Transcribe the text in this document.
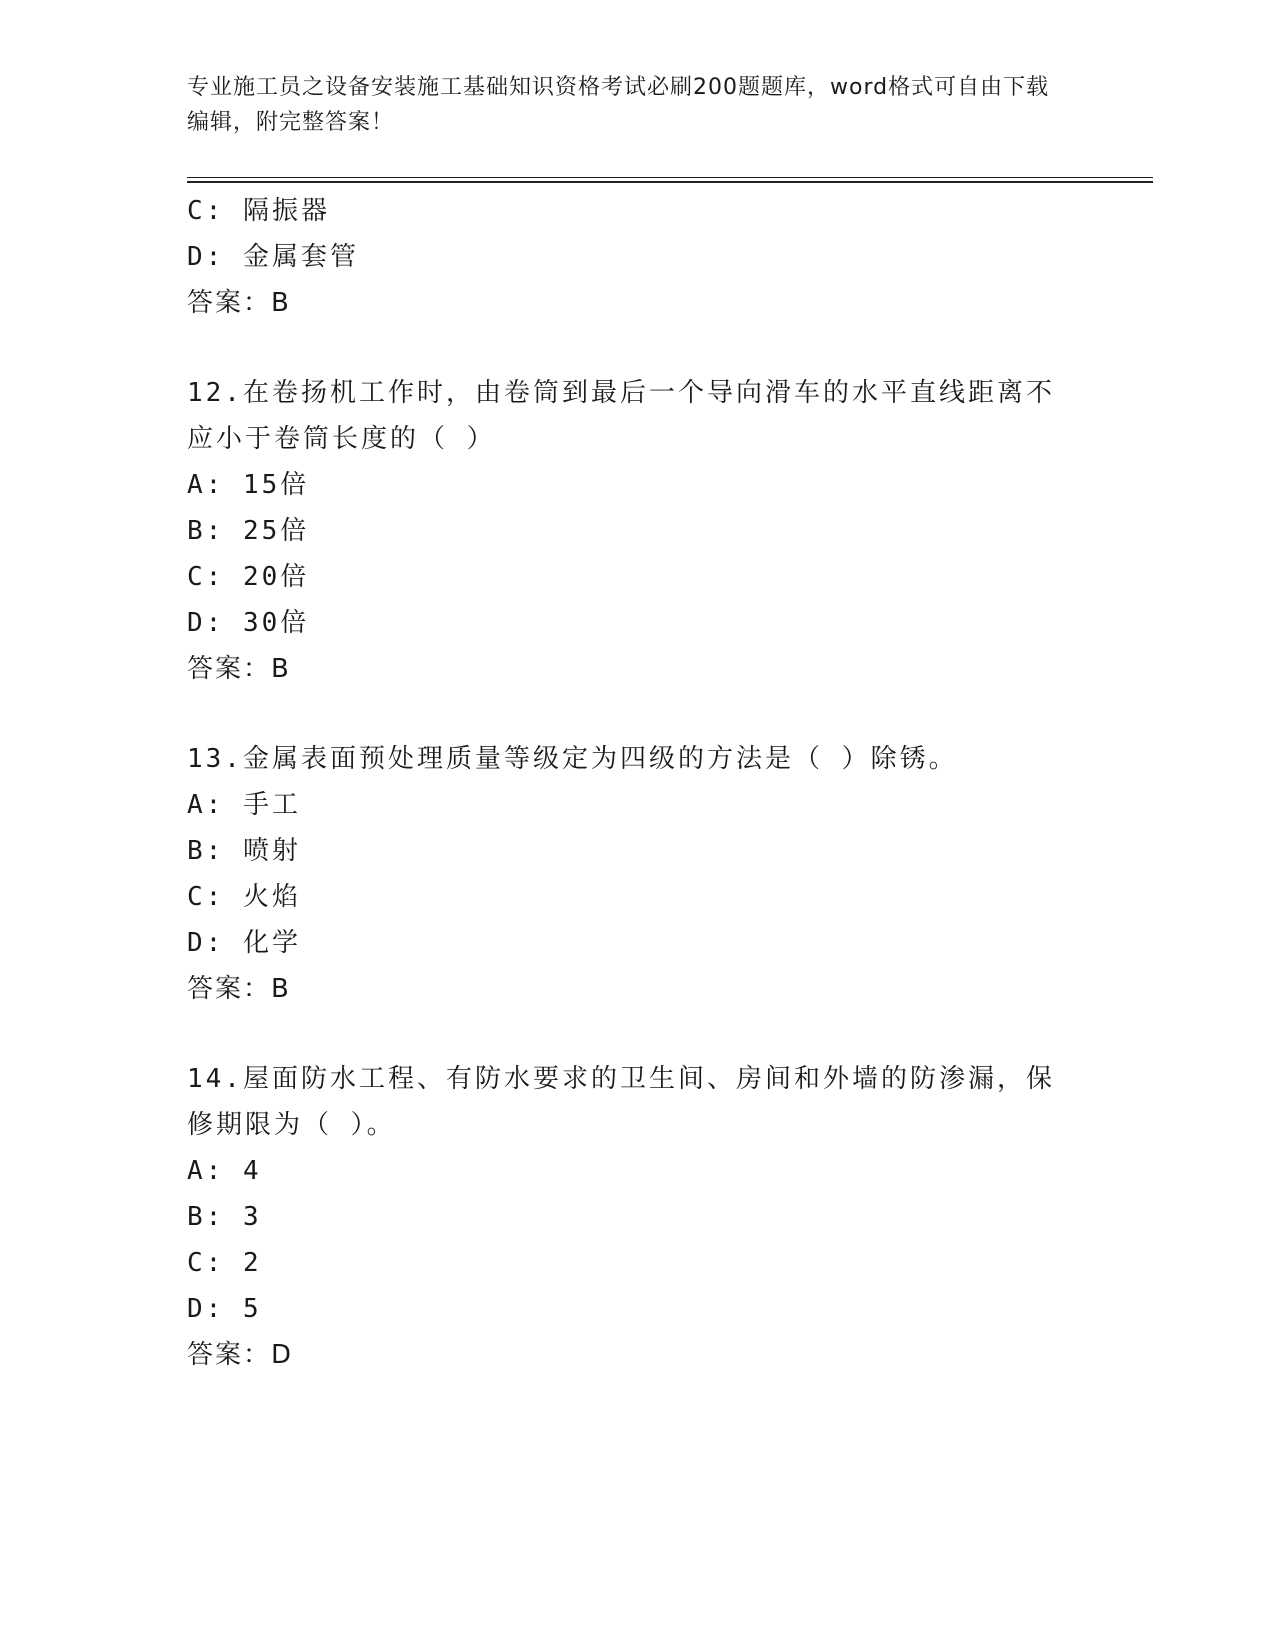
专业施工员之设备安装施工基础知识资格考试必刷200题题库，word格式可自由下载编辑，附完整答案！
C: 隔振器
D: 金属套管
答案：B
12.在卷扬机工作时，由卷筒到最后一个导向滑车的水平直线距离不应小于卷筒长度的（ ）
A: 15倍
B: 25倍
C: 20倍
D: 30倍
答案：B
13.金属表面预处理质量等级定为四级的方法是（ ）除锈。
A: 手工
B: 喷射
C: 火焰
D: 化学
答案：B
14.屋面防水工程、有防水要求的卫生间、房间和外墙的防渗漏，保修期限为（ ）。
A: 4
B: 3
C: 2
D: 5
答案：D
